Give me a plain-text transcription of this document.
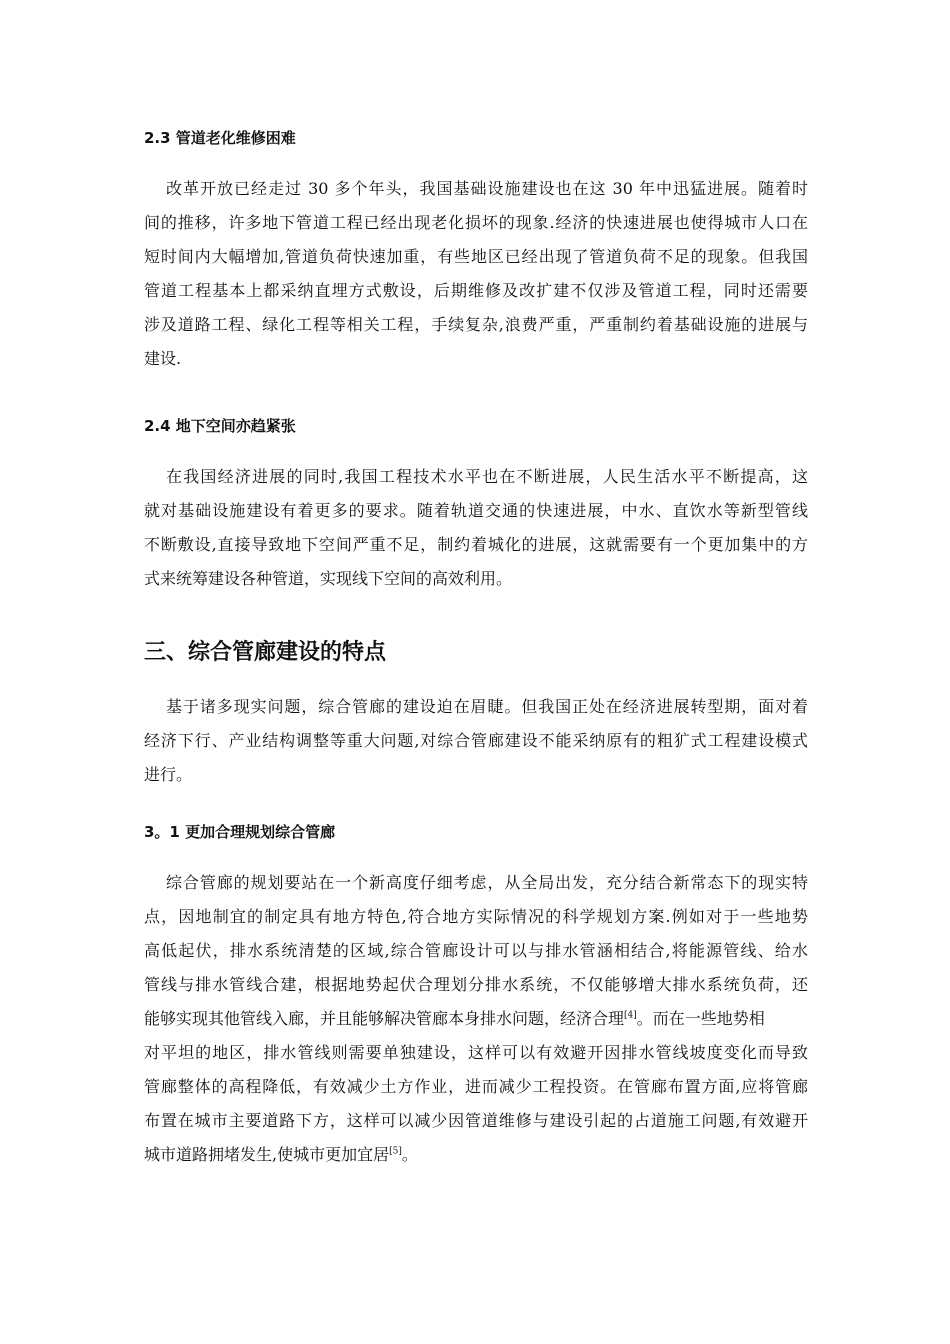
2.3 管道老化维修困难
改革开放已经走过 30 多个年头，我国基础设施建设也在这 30 年中迅猛进展。随着时
间的推移，许多地下管道工程已经出现老化损坏的现象.经济的快速进展也使得城市人口在
短时间内大幅增加,管道负荷快速加重，有些地区已经出现了管道负荷不足的现象。但我国
管道工程基本上都采纳直埋方式敷设，后期维修及改扩建不仅涉及管道工程，同时还需要
涉及道路工程、绿化工程等相关工程，手续复杂,浪费严重，严重制约着基础设施的进展与
建设.
2.4 地下空间亦趋紧张
在我国经济进展的同时,我国工程技术水平也在不断进展，人民生活水平不断提高，这
就对基础设施建设有着更多的要求。随着轨道交通的快速进展，中水、直饮水等新型管线
不断敷设,直接导致地下空间严重不足，制约着城化的进展，这就需要有一个更加集中的方
式来统筹建设各种管道，实现线下空间的高效利用。
三、综合管廊建设的特点
基于诸多现实问题，综合管廊的建设迫在眉睫。但我国正处在经济进展转型期，面对着
经济下行、产业结构调整等重大问题,对综合管廊建设不能采纳原有的粗犷式工程建设模式
进行。
3。1 更加合理规划综合管廊
综合管廊的规划要站在一个新高度仔细考虑，从全局出发，充分结合新常态下的现实特
点，因地制宜的制定具有地方特色,符合地方实际情况的科学规划方案.例如对于一些地势
高低起伏，排水系统清楚的区域,综合管廊设计可以与排水管涵相结合,将能源管线、给水
管线与排水管线合建，根据地势起伏合理划分排水系统，不仅能够增大排水系统负荷，还
能够实现其他管线入廊，并且能够解决管廊本身排水问题，经济合理[4]。而在一些地势相
对平坦的地区，排水管线则需要单独建设，这样可以有效避开因排水管线坡度变化而导致
管廊整体的高程降低，有效减少土方作业，进而减少工程投资。在管廊布置方面,应将管廊
布置在城市主要道路下方，这样可以减少因管道维修与建设引起的占道施工问题,有效避开
城市道路拥堵发生,使城市更加宜居[5]。
